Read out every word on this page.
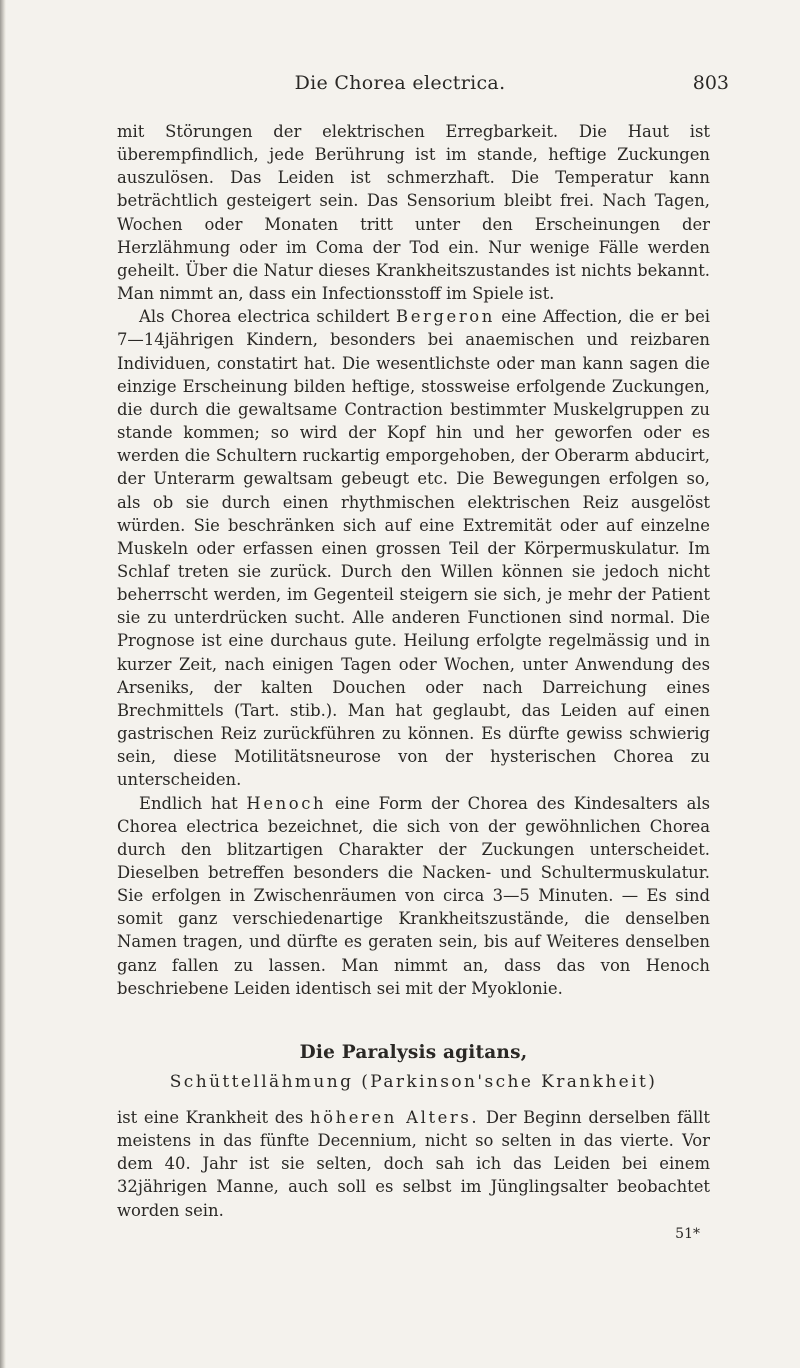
Die Chorea electrica.	803

mit Störungen der elektrischen Erregbarkeit. Die Haut ist überempfindlich, jede Berührung ist im stande, heftige Zuckungen auszulösen. Das Leiden ist schmerzhaft. Die Temperatur kann beträchtlich gesteigert sein. Das Sensorium bleibt frei. Nach Tagen, Wochen oder Monaten tritt unter den Erscheinungen der Herzlähmung oder im Coma der Tod ein. Nur wenige Fälle werden geheilt. Über die Natur dieses Krankheitszustandes ist nichts bekannt. Man nimmt an, dass ein Infectionsstoff im Spiele ist.

Als Chorea electrica schildert Bergeron eine Affection, die er bei 7—14jährigen Kindern, besonders bei anaemischen und reizbaren Individuen, constatirt hat. Die wesentlichste oder man kann sagen die einzige Erscheinung bilden heftige, stossweise erfolgende Zuckungen, die durch die gewaltsame Contraction bestimmter Muskelgruppen zu stande kommen; so wird der Kopf hin und her geworfen oder es werden die Schultern ruckartig emporgehoben, der Oberarm abducirt, der Unterarm gewaltsam gebeugt etc. Die Bewegungen erfolgen so, als ob sie durch einen rhythmischen elektrischen Reiz ausgelöst würden. Sie beschränken sich auf eine Extremität oder auf einzelne Muskeln oder erfassen einen grossen Teil der Körpermuskulatur. Im Schlaf treten sie zurück. Durch den Willen können sie jedoch nicht beherrscht werden, im Gegenteil steigern sie sich, je mehr der Patient sie zu unterdrücken sucht. Alle anderen Functionen sind normal. Die Prognose ist eine durchaus gute. Heilung erfolgte regelmässig und in kurzer Zeit, nach einigen Tagen oder Wochen, unter Anwendung des Arseniks, der kalten Douchen oder nach Darreichung eines Brechmittels (Tart. stib.). Man hat geglaubt, das Leiden auf einen gastrischen Reiz zurückführen zu können. Es dürfte gewiss schwierig sein, diese Motilitätsneurose von der hysterischen Chorea zu unterscheiden.

Endlich hat Henoch eine Form der Chorea des Kindesalters als Chorea electrica bezeichnet, die sich von der gewöhnlichen Chorea durch den blitzartigen Charakter der Zuckungen unterscheidet. Dieselben betreffen besonders die Nacken- und Schultermuskulatur. Sie erfolgen in Zwischenräumen von circa 3—5 Minuten. — Es sind somit ganz verschiedenartige Krankheitszustände, die denselben Namen tragen, und dürfte es geraten sein, bis auf Weiteres denselben ganz fallen zu lassen. Man nimmt an, dass das von Henoch beschriebene Leiden identisch sei mit der Myoklonie.

Die Paralysis agitans,
Schüttellähmung (Parkinson'sche Krankheit)

ist eine Krankheit des höheren Alters. Der Beginn derselben fällt meistens in das fünfte Decennium, nicht so selten in das vierte. Vor dem 40. Jahr ist sie selten, doch sah ich das Leiden bei einem 32jährigen Manne, auch soll es selbst im Jünglingsalter beobachtet worden sein.

51*
